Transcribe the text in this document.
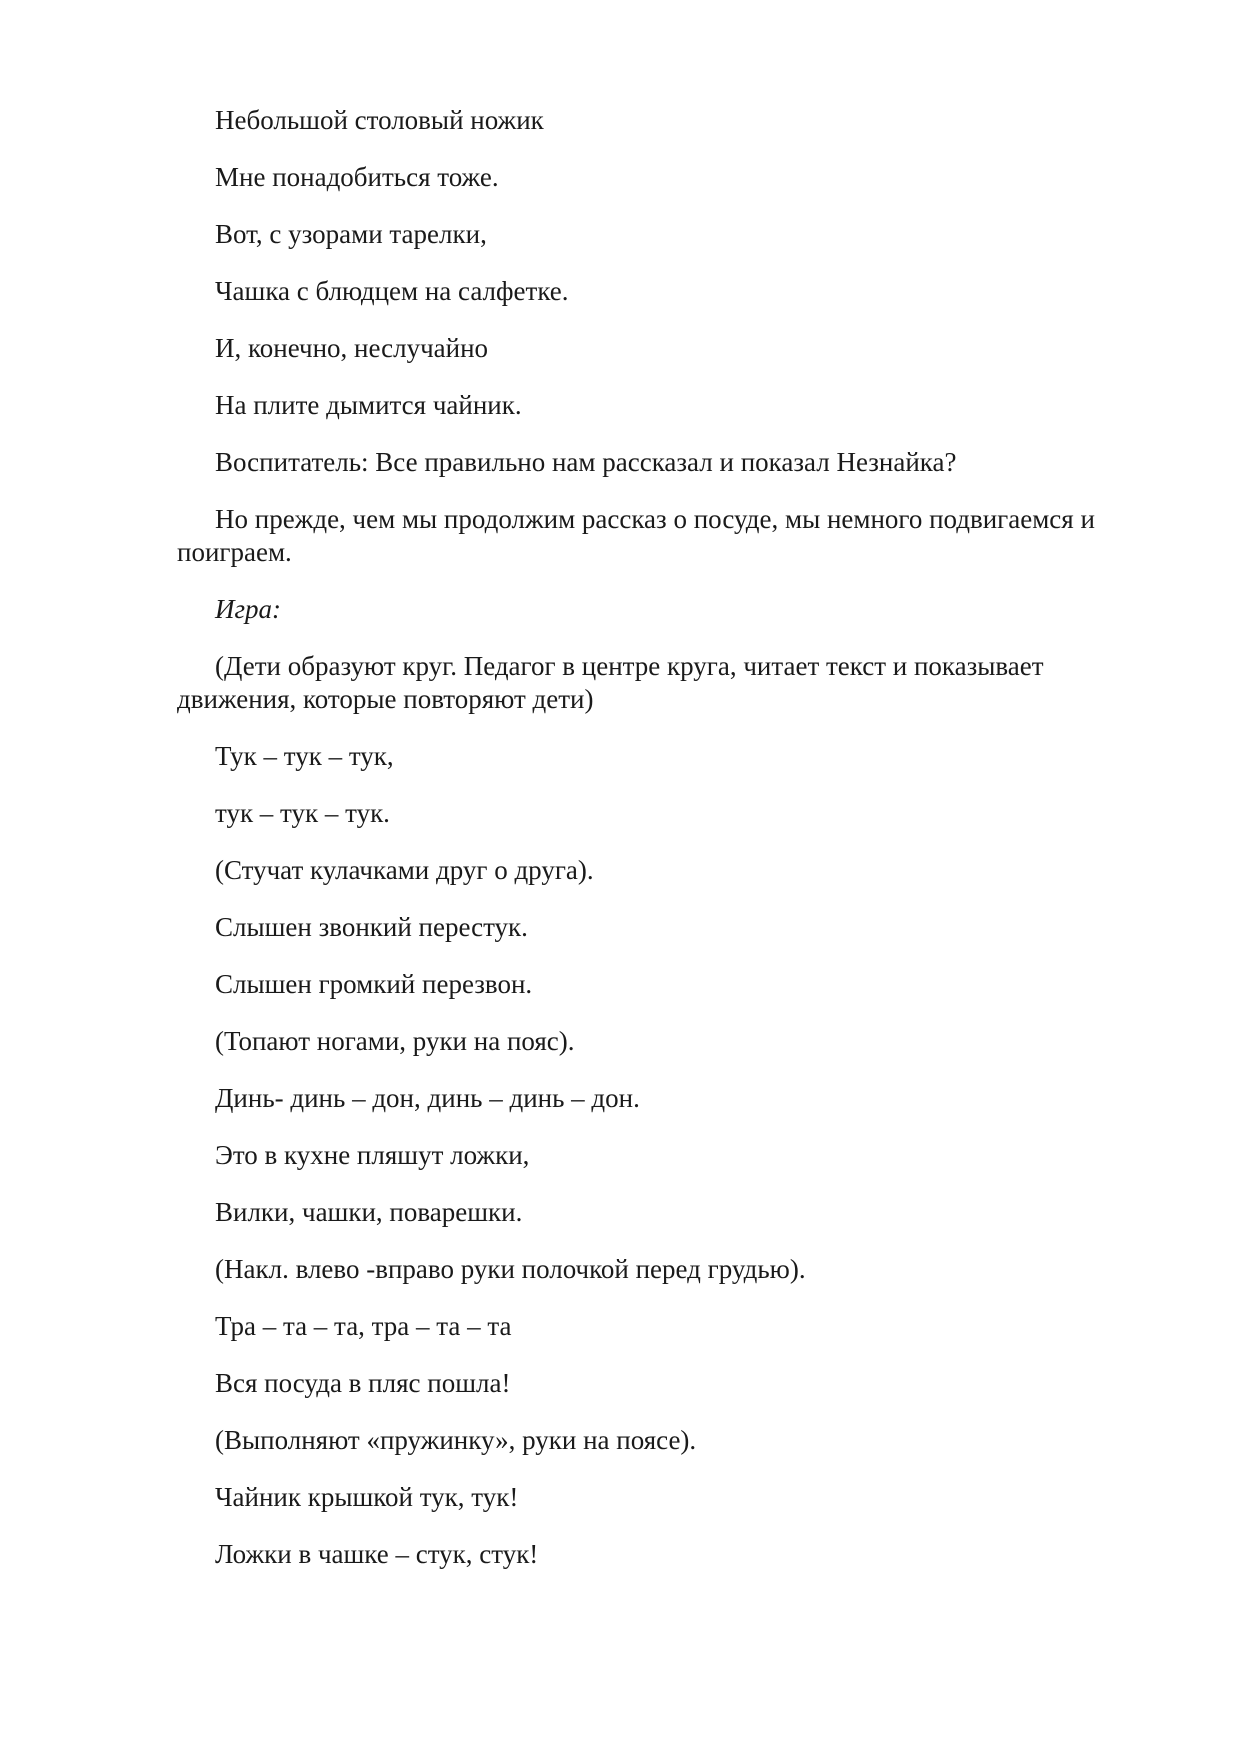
Небольшой столовый ножик

Мне понадобиться тоже.

Вот, с узорами тарелки,

Чашка с блюдцем на салфетке.

И, конечно, неслучайно

На плите дымится чайник.

Воспитатель: Все правильно нам рассказал и показал Незнайка?

Но прежде, чем мы продолжим рассказ о посуде, мы немного подвигаемся и поиграем.

Игра:

(Дети образуют круг. Педагог в центре круга, читает текст и показывает движения, которые повторяют дети)

Тук – тук – тук,

тук – тук – тук.

(Стучат кулачками друг о друга).

Слышен звонкий перестук.

Слышен громкий перезвон.

(Топают ногами, руки на пояс).

Динь- динь – дон, динь – динь – дон.

Это в кухне пляшут ложки,

Вилки, чашки, поварешки.

(Накл. влево -вправо руки полочкой перед грудью).

Тра – та – та, тра – та – та

Вся посуда в пляс пошла!

(Выполняют «пружинку», руки на поясе).

Чайник крышкой тук, тук!

Ложки в чашке – стук, стук!
